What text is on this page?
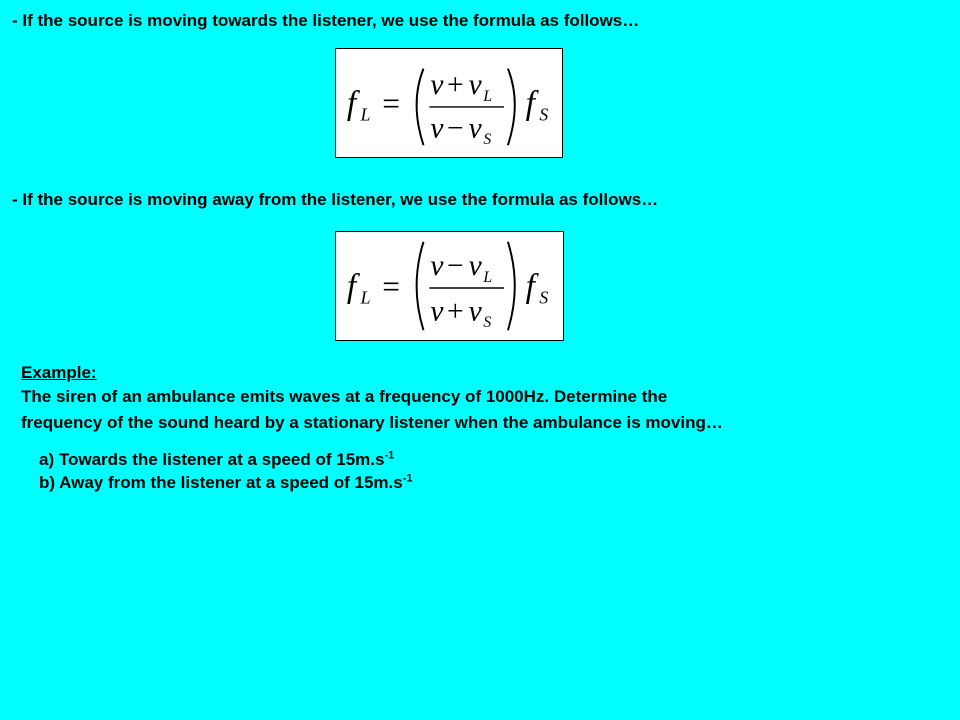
- If the source is moving towards the listener, we use the formula as follows…
f L =
v + v L
v − v S
f S
- If the source is moving away from the listener, we use the formula as follows…
f L =
v − v L
v + v S
f S
Example:
The siren of an ambulance emits waves at a frequency of 1000Hz. Determine the
frequency of the sound heard by a stationary listener when the ambulance is moving…
a) Towards the listener at a speed of $15m.s^{-1}$
b) Away from the listener at a speed of $15m.s^{-1}$
